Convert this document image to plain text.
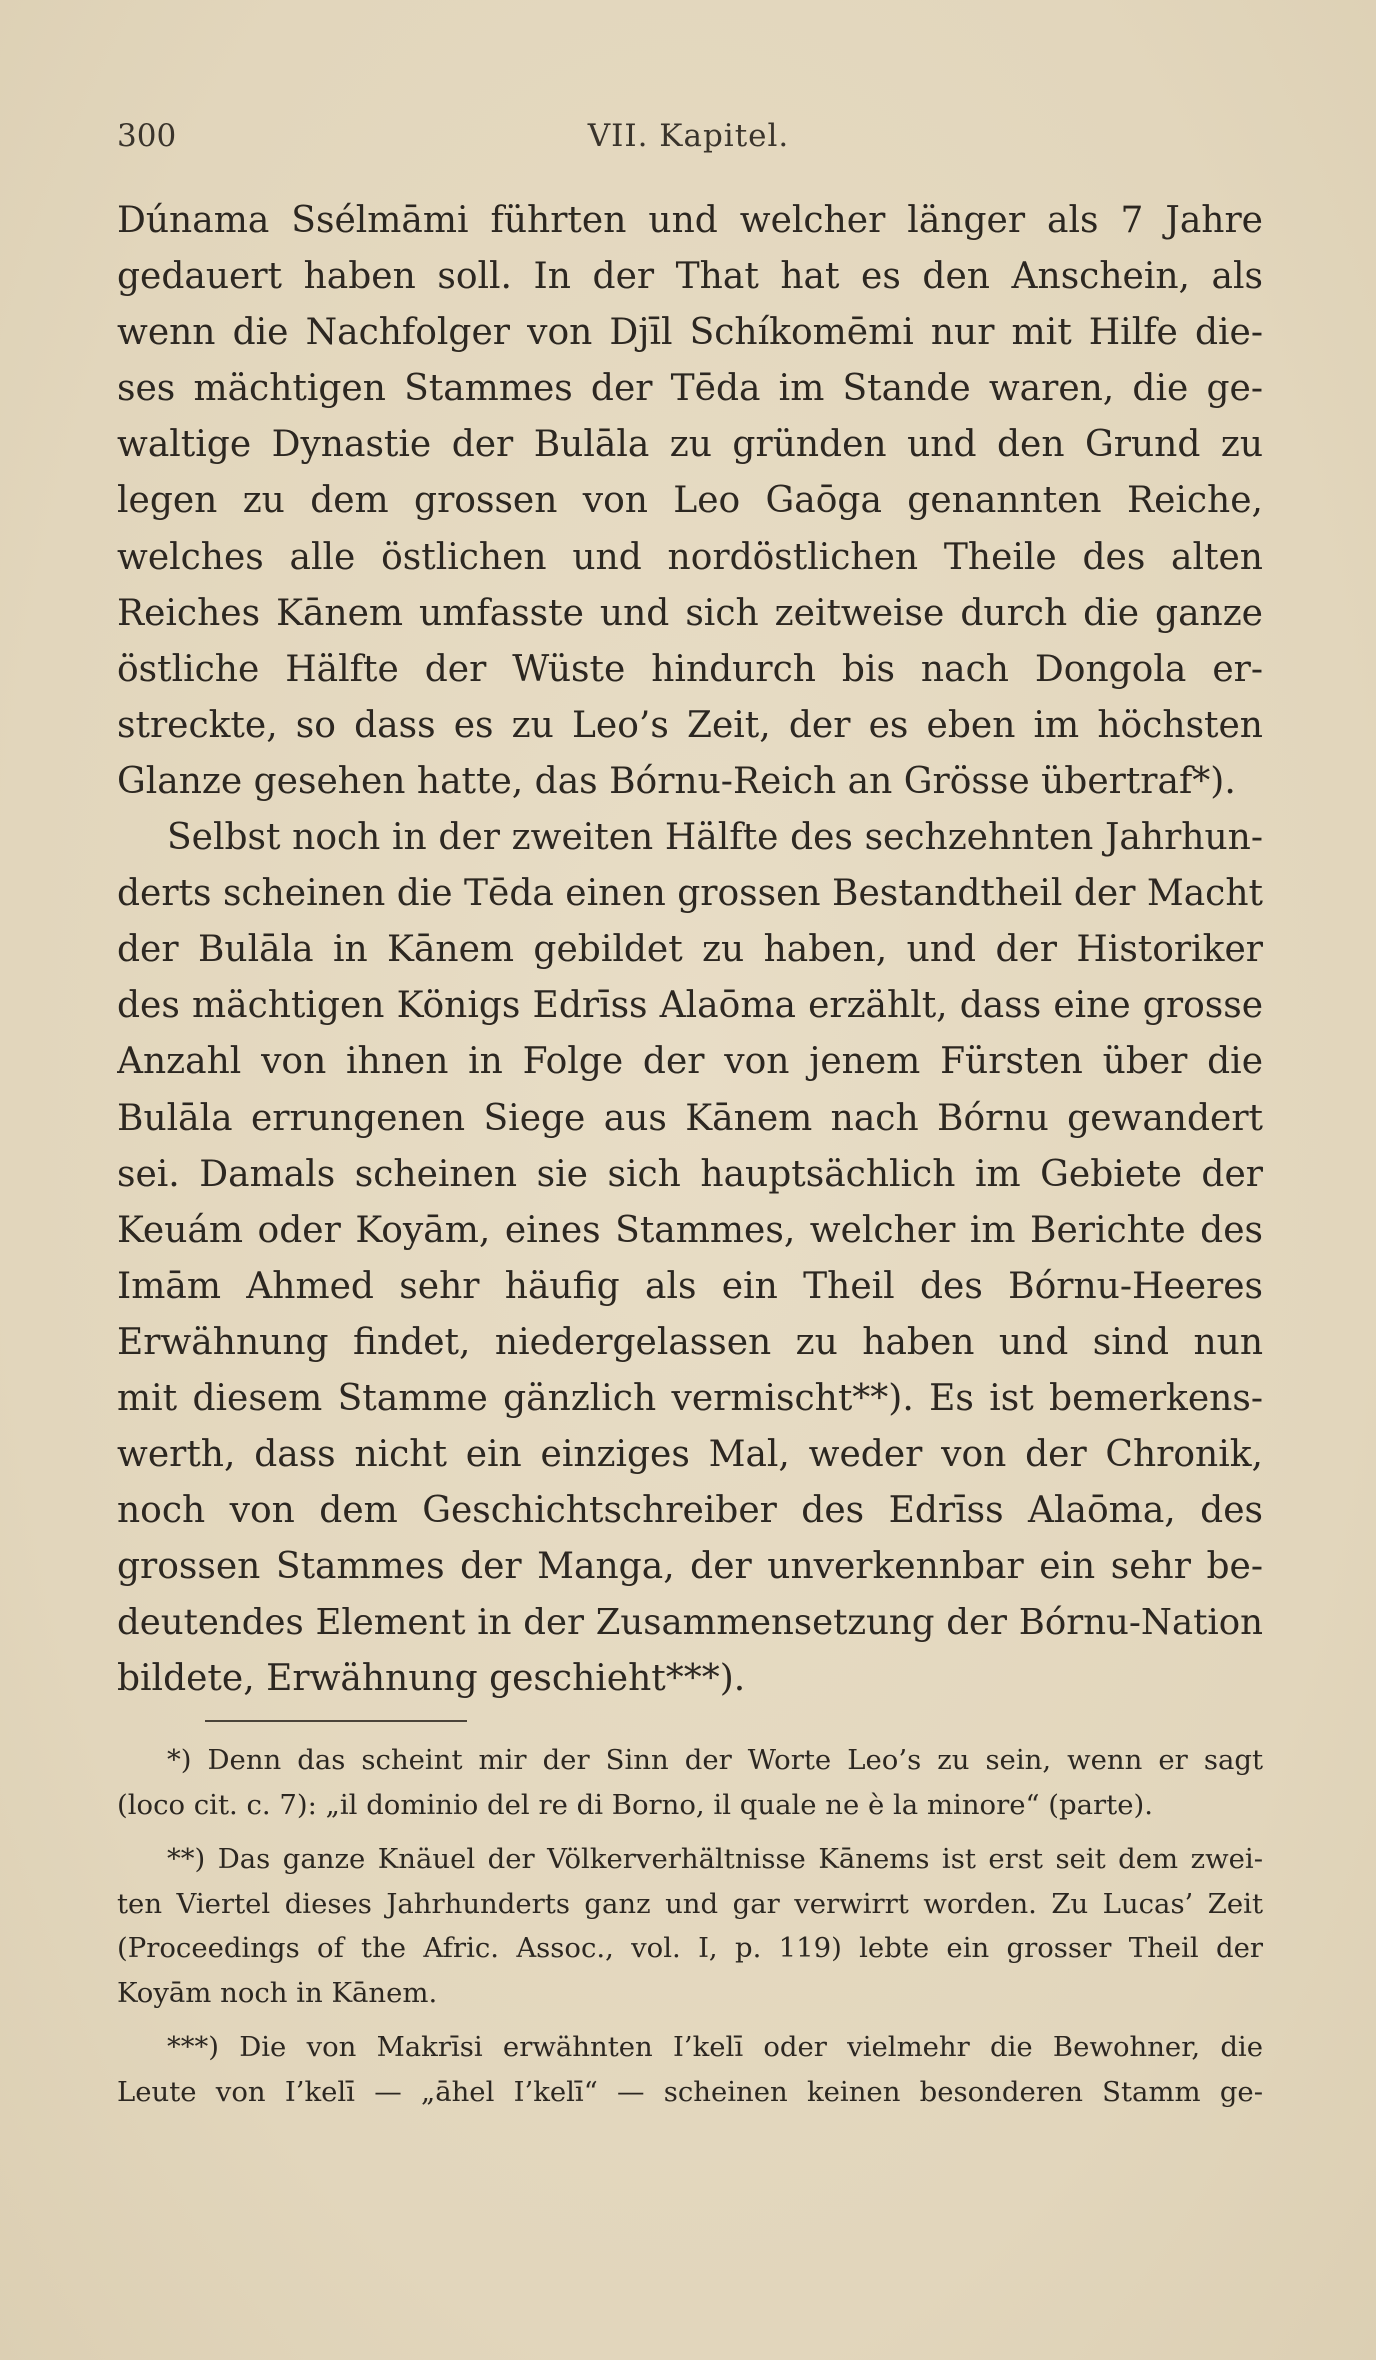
300	VII. Kapitel.
Dúnama Ssélmāmi führten und welcher länger als 7 Jahre
gedauert haben soll. In der That hat es den Anschein, als
wenn die Nachfolger von Djīl Schíkomēmi nur mit Hilfe die-
ses mächtigen Stammes der Tēda im Stande waren, die ge-
waltige Dynastie der Bulāla zu gründen und den Grund zu
legen zu dem grossen von Leo Gaōga genannten Reiche,
welches alle östlichen und nordöstlichen Theile des alten
Reiches Kānem umfasste und sich zeitweise durch die ganze
östliche Hälfte der Wüste hindurch bis nach Dongola er-
streckte, so dass es zu Leo’s Zeit, der es eben im höchsten
Glanze gesehen hatte, das Bórnu-Reich an Grösse übertraf*).
Selbst noch in der zweiten Hälfte des sechzehnten Jahrhun-
derts scheinen die Tēda einen grossen Bestandtheil der Macht
der Bulāla in Kānem gebildet zu haben, und der Historiker
des mächtigen Königs Edrīss Alaōma erzählt, dass eine grosse
Anzahl von ihnen in Folge der von jenem Fürsten über die
Bulāla errungenen Siege aus Kānem nach Bórnu gewandert
sei. Damals scheinen sie sich hauptsächlich im Gebiete der
Keuám oder Koyām, eines Stammes, welcher im Berichte des
Imām Ahmed sehr häufig als ein Theil des Bórnu-Heeres
Erwähnung findet, niedergelassen zu haben und sind nun
mit diesem Stamme gänzlich vermischt**). Es ist bemerkens-
werth, dass nicht ein einziges Mal, weder von der Chronik,
noch von dem Geschichtschreiber des Edrīss Alaōma, des
grossen Stammes der Manga, der unverkennbar ein sehr be-
deutendes Element in der Zusammensetzung der Bórnu-Nation
bildete, Erwähnung geschieht***).
*) Denn das scheint mir der Sinn der Worte Leo’s zu sein, wenn er sagt
(loco cit. c. 7): „il dominio del re di Borno, il quale ne è la minore“ (parte).
**) Das ganze Knäuel der Völkerverhältnisse Kānems ist erst seit dem zwei-
ten Viertel dieses Jahrhunderts ganz und gar verwirrt worden. Zu Lucas’ Zeit
(Proceedings of the Afric. Assoc., vol. I, p. 119) lebte ein grosser Theil der
Koyām noch in Kānem.
***) Die von Makrīsi erwähnten I’kelī oder vielmehr die Bewohner, die
Leute von I’kelī — „āhel I’kelī“ — scheinen keinen besonderen Stamm ge-
